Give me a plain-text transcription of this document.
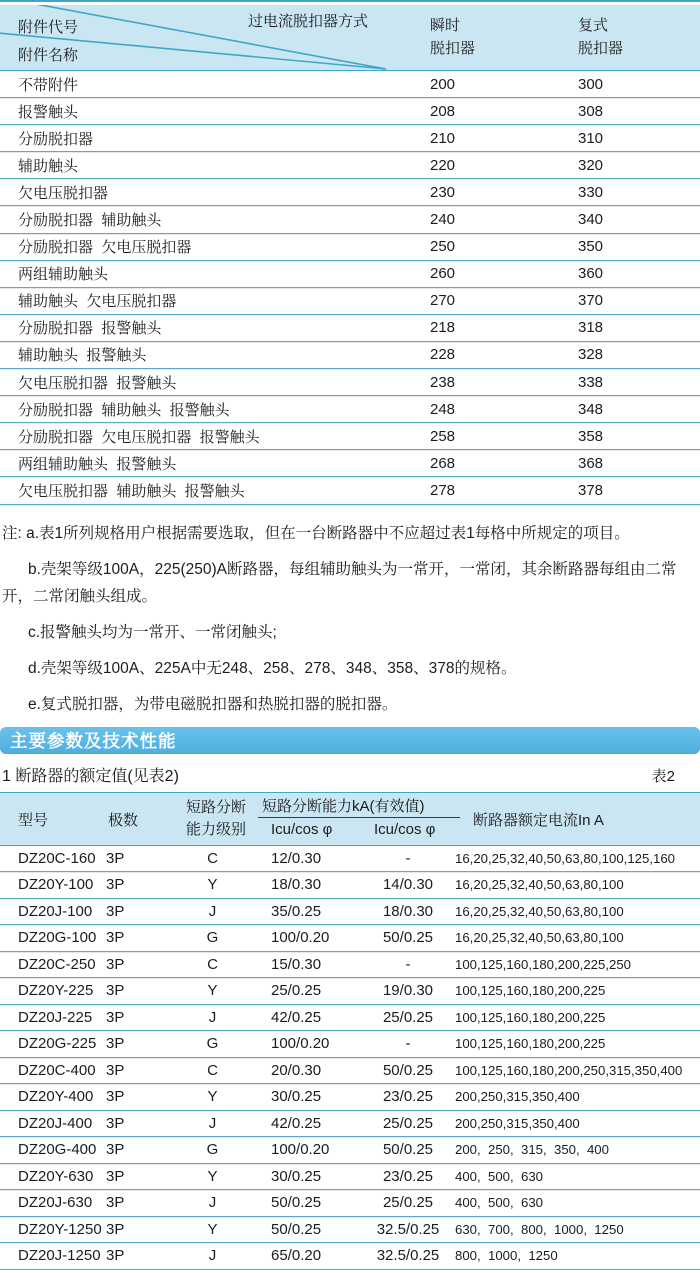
附件代号
附件名称
过电流脱扣器方式	瞬时
脱扣器
复式
脱扣器
不带附件	200	300
报警触头	208	308
分励脱扣器	210	310
辅助触头	220	320
欠电压脱扣器	230	330
分励脱扣器  辅助触头	240	340
分励脱扣器  欠电压脱扣器	250	350
两组辅助触头	260	360
辅助触头  欠电压脱扣器	270	370
分励脱扣器  报警触头	218	318
辅助触头  报警触头	228	328
欠电压脱扣器  报警触头	238	338
分励脱扣器  辅助触头  报警触头	248	348
分励脱扣器  欠电压脱扣器  报警触头	258	358
两组辅助触头  报警触头	268	368
欠电压脱扣器  辅助触头  报警触头	278	378

注: a.表1所列规格用户根据需要选取，但在一台断路器中不应超过表1每格中所规定的项目。

b.壳架等级100A，225(250)A断路器，每组辅助触头为一常开，一常闭，其余断路器每组由二常开，二常闭触头组成。

c.报警触头均为一常开、一常闭触头;

d.壳架等级100A、225A中无248、258、278、348、358、378的规格。

e.复式脱扣器，为带电磁脱扣器和热脱扣器的脱扣器。

主要参数及技术性能
1 断路器的额定值(见表2)	表2
型号	极数
短路分断
能力级别
短路分断能力kA(有效值)
Icu/cos φ	Icu/cos φ
断路器额定电流In A
DZ20C-160 3P	C	12/0.30	-	16,20,25,32,40,50,63,80,100,125,160
DZ20Y-100 3P	Y	18/0.30	14/0.30	16,20,25,32,40,50,63,80,100
DZ20J-100 3P	J	35/0.25	18/0.30	16,20,25,32,40,50,63,80,100
DZ20G-100 3P	G	100/0.20	50/0.25	16,20,25,32,40,50,63,80,100
DZ20C-250 3P	C	15/0.30	-	100,125,160,180,200,225,250
DZ20Y-225 3P	Y	25/0.25	19/0.30	100,125,160,180,200,225
DZ20J-225 3P	J	42/0.25	25/0.25	100,125,160,180,200,225
DZ20G-225 3P	G	100/0.20	-	100,125,160,180,200,225
DZ20C-400 3P	C	20/0.30	50/0.25	100,125,160,180,200,250,315,350,400
DZ20Y-400 3P	Y	30/0.25	23/0.25	200,250,315,350,400
DZ20J-400 3P	J	42/0.25	25/0.25	200,250,315,350,400
DZ20G-400 3P	G	100/0.20	50/0.25	200,  250,  315,  350,  400
DZ20Y-630 3P	Y	30/0.25	23/0.25	400,  500,  630
DZ20J-630 3P	J	50/0.25	25/0.25	400,  500,  630
DZ20Y-1250 3P	Y	50/0.25	32.5/0.25	630,  700,  800,  1000,  1250
DZ20J-1250 3P	J	65/0.20	32.5/0.25	800,  1000,  1250
